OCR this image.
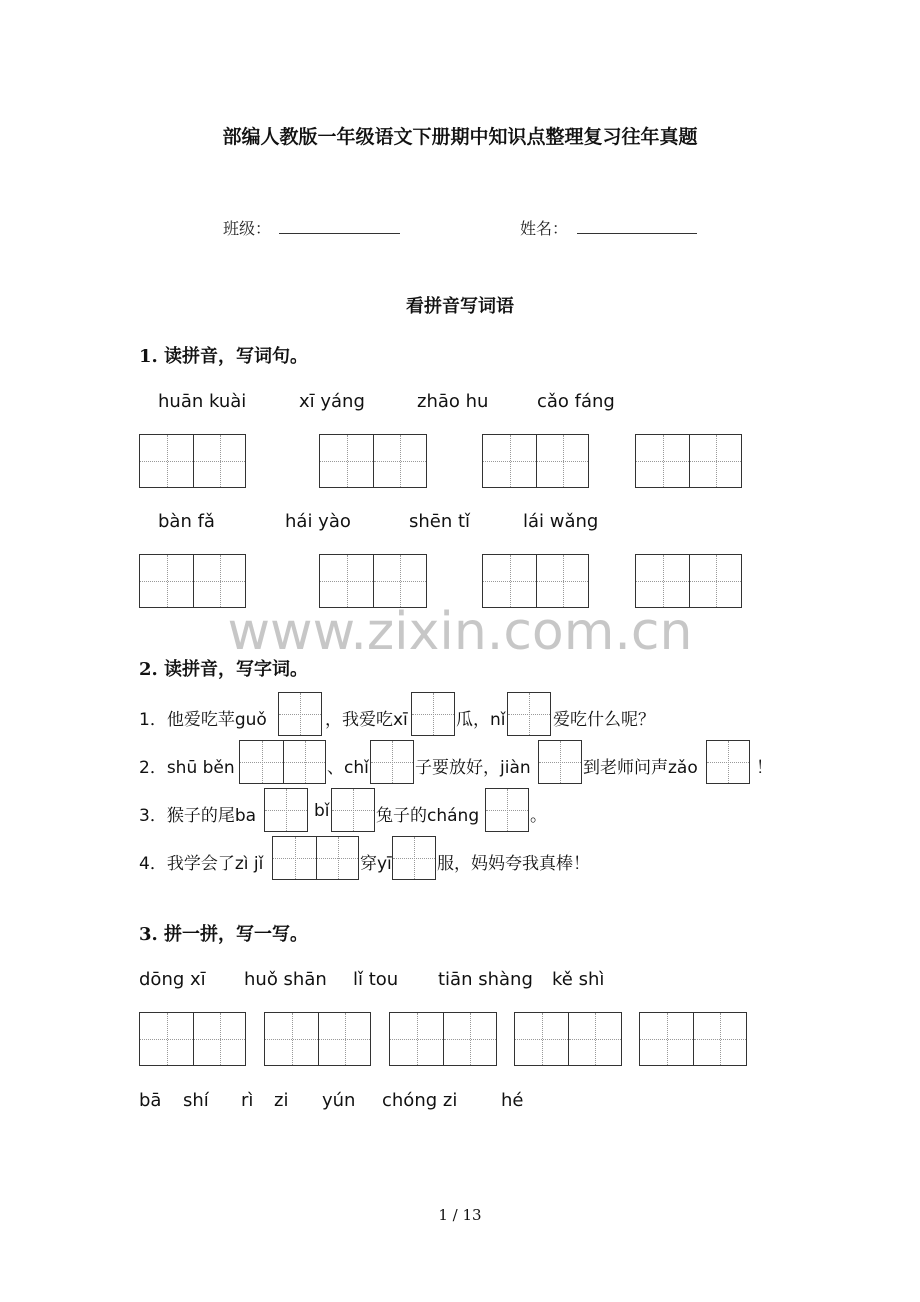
部编人教版一年级语文下册期中知识点整理复习往年真题
班级：	姓名：
看拼音写词语
1. 读拼音，写词句。
huān kuài	xī yáng	zhāo hu	cǎo fáng
bàn fǎ	hái yào	shēn tǐ	lái wǎng
www.zixin.com.cn
2. 读拼音，写字词。
1．他爱吃苹guǒ	，我爱吃xī	瓜，nǐ	爱吃什么呢？
2．shū běn	、chǐ	子要放好，jiàn	到老师问声zǎo	！
3．猴子的尾ba	bǐ	兔子的cháng	。
4．我学会了zì jǐ	穿yī	服，妈妈夸我真棒！
3. 拼一拼，写一写。
dōng xī huǒ shān lǐ tou tiān shàng kě shì
bā shí rì zi yún chóng zi hé
1 / 13
